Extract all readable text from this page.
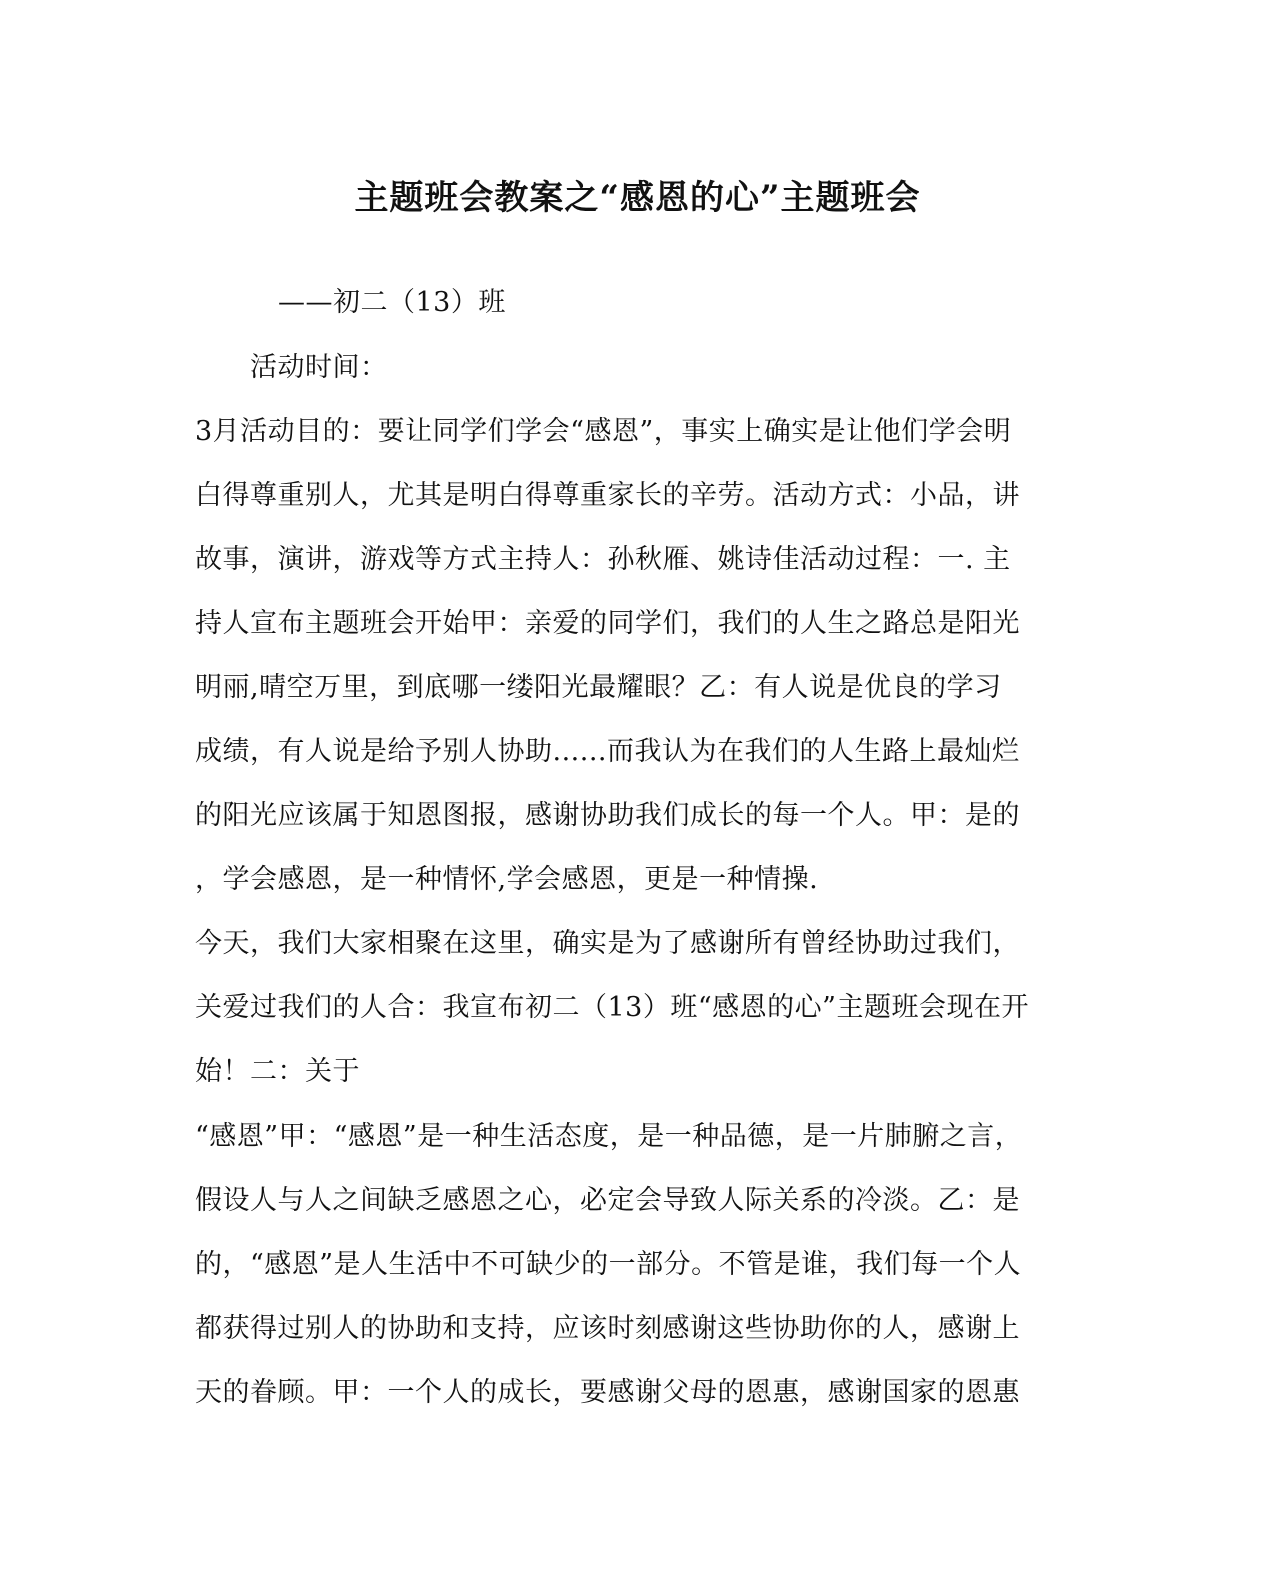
主题班会教案之“感恩的心”主题班会
——初二（13）班
活动时间：
3月活动目的：要让同学们学会“感恩”，事实上确实是让他们学会明
白得尊重别人，尤其是明白得尊重家长的辛劳。活动方式：小品，讲
故事，演讲，游戏等方式主持人：孙秋雁、姚诗佳活动过程：一. 主
持人宣布主题班会开始甲：亲爱的同学们，我们的人生之路总是阳光
明丽,晴空万里，到底哪一缕阳光最耀眼？乙：有人说是优良的学习
成绩，有人说是给予别人协助......而我认为在我们的人生路上最灿烂
的阳光应该属于知恩图报，感谢协助我们成长的每一个人。甲：是的
，学会感恩，是一种情怀,学会感恩，更是一种情操.
今天，我们大家相聚在这里，确实是为了感谢所有曾经协助过我们，
关爱过我们的人合：我宣布初二（13）班“感恩的心”主题班会现在开
始！二：关于
“感恩”甲：“感恩”是一种生活态度，是一种品德，是一片肺腑之言，
假设人与人之间缺乏感恩之心，必定会导致人际关系的冷淡。乙：是
的，“感恩”是人生活中不可缺少的一部分。不管是谁，我们每一个人
都获得过别人的协助和支持，应该时刻感谢这些协助你的人，感谢上
天的眷顾。甲：一个人的成长，要感谢父母的恩惠，感谢国家的恩惠
